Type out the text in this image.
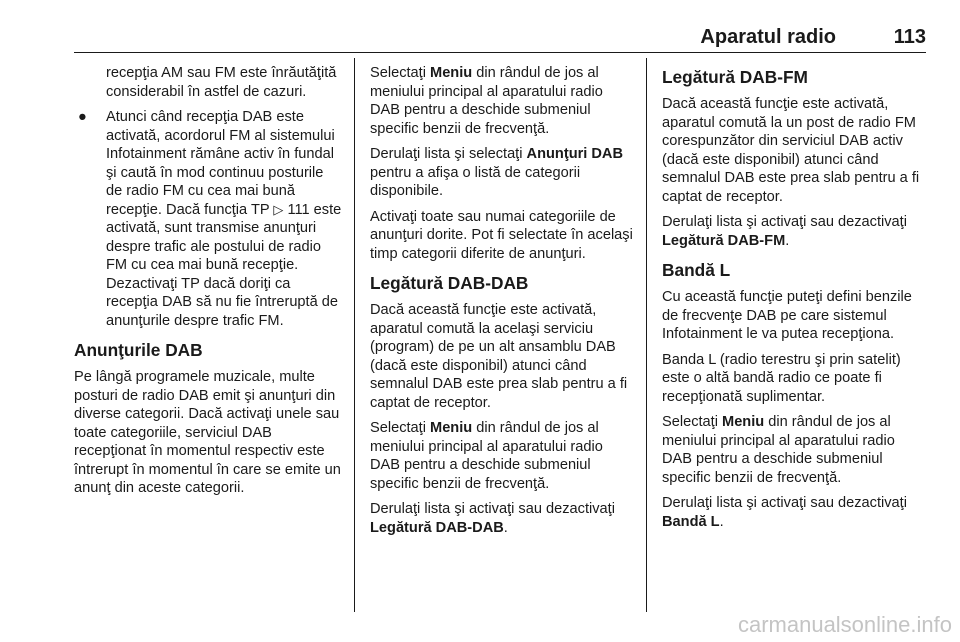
Aparatul radio	113

recepţia AM sau FM este înrăutăţită considerabil în astfel de cazuri.

● Atunci când recepţia DAB este activată, acordorul FM al sistemului Infotainment rămâne activ în fundal şi caută în mod continuu posturile de radio FM cu cea mai bună recepţie. Dacă funcţia TP ▷ 111 este activată, sunt transmise anunţuri despre trafic ale postului de radio FM cu cea mai bună recepţie. Dezactivaţi TP dacă doriţi ca recepţia DAB să nu fie întreruptă de anunţurile despre trafic FM.

Anunţurile DAB

Pe lângă programele muzicale, multe posturi de radio DAB emit şi anunţuri din diverse categorii. Dacă activaţi unele sau toate categoriile, serviciul DAB recepţionat în momentul respectiv este întrerupt în momentul în care se emite un anunţ din aceste categorii.

Selectaţi Meniu din rândul de jos al meniului principal al aparatului radio DAB pentru a deschide submeniul specific benzii de frecvenţă.

Derulaţi lista şi selectaţi Anunţuri DAB pentru a afişa o listă de categorii disponibile.

Activaţi toate sau numai categoriile de anunţuri dorite. Pot fi selectate în acelaşi timp categorii diferite de anunţuri.

Legătură DAB-DAB

Dacă această funcţie este activată, aparatul comută la acelaşi serviciu (program) de pe un alt ansamblu DAB (dacă este disponibil) atunci când semnalul DAB este prea slab pentru a fi captat de receptor.

Selectaţi Meniu din rândul de jos al meniului principal al aparatului radio DAB pentru a deschide submeniul specific benzii de frecvenţă.

Derulaţi lista şi activaţi sau dezactivaţi Legătură DAB-DAB.

Legătură DAB-FM

Dacă această funcţie este activată, aparatul comută la un post de radio FM corespunzător din serviciul DAB activ (dacă este disponibil) atunci când semnalul DAB este prea slab pentru a fi captat de receptor.

Derulaţi lista şi activaţi sau dezactivaţi Legătură DAB-FM.

Bandă L

Cu această funcţie puteţi defini benzile de frecvenţe DAB pe care sistemul Infotainment le va putea recepţiona.

Banda L (radio terestru şi prin satelit) este o altă bandă radio ce poate fi recepţionată suplimentar.

Selectaţi Meniu din rândul de jos al meniului principal al aparatului radio DAB pentru a deschide submeniul specific benzii de frecvenţă.

Derulaţi lista şi activaţi sau dezactivaţi Bandă L.

carmanualsonline.info
